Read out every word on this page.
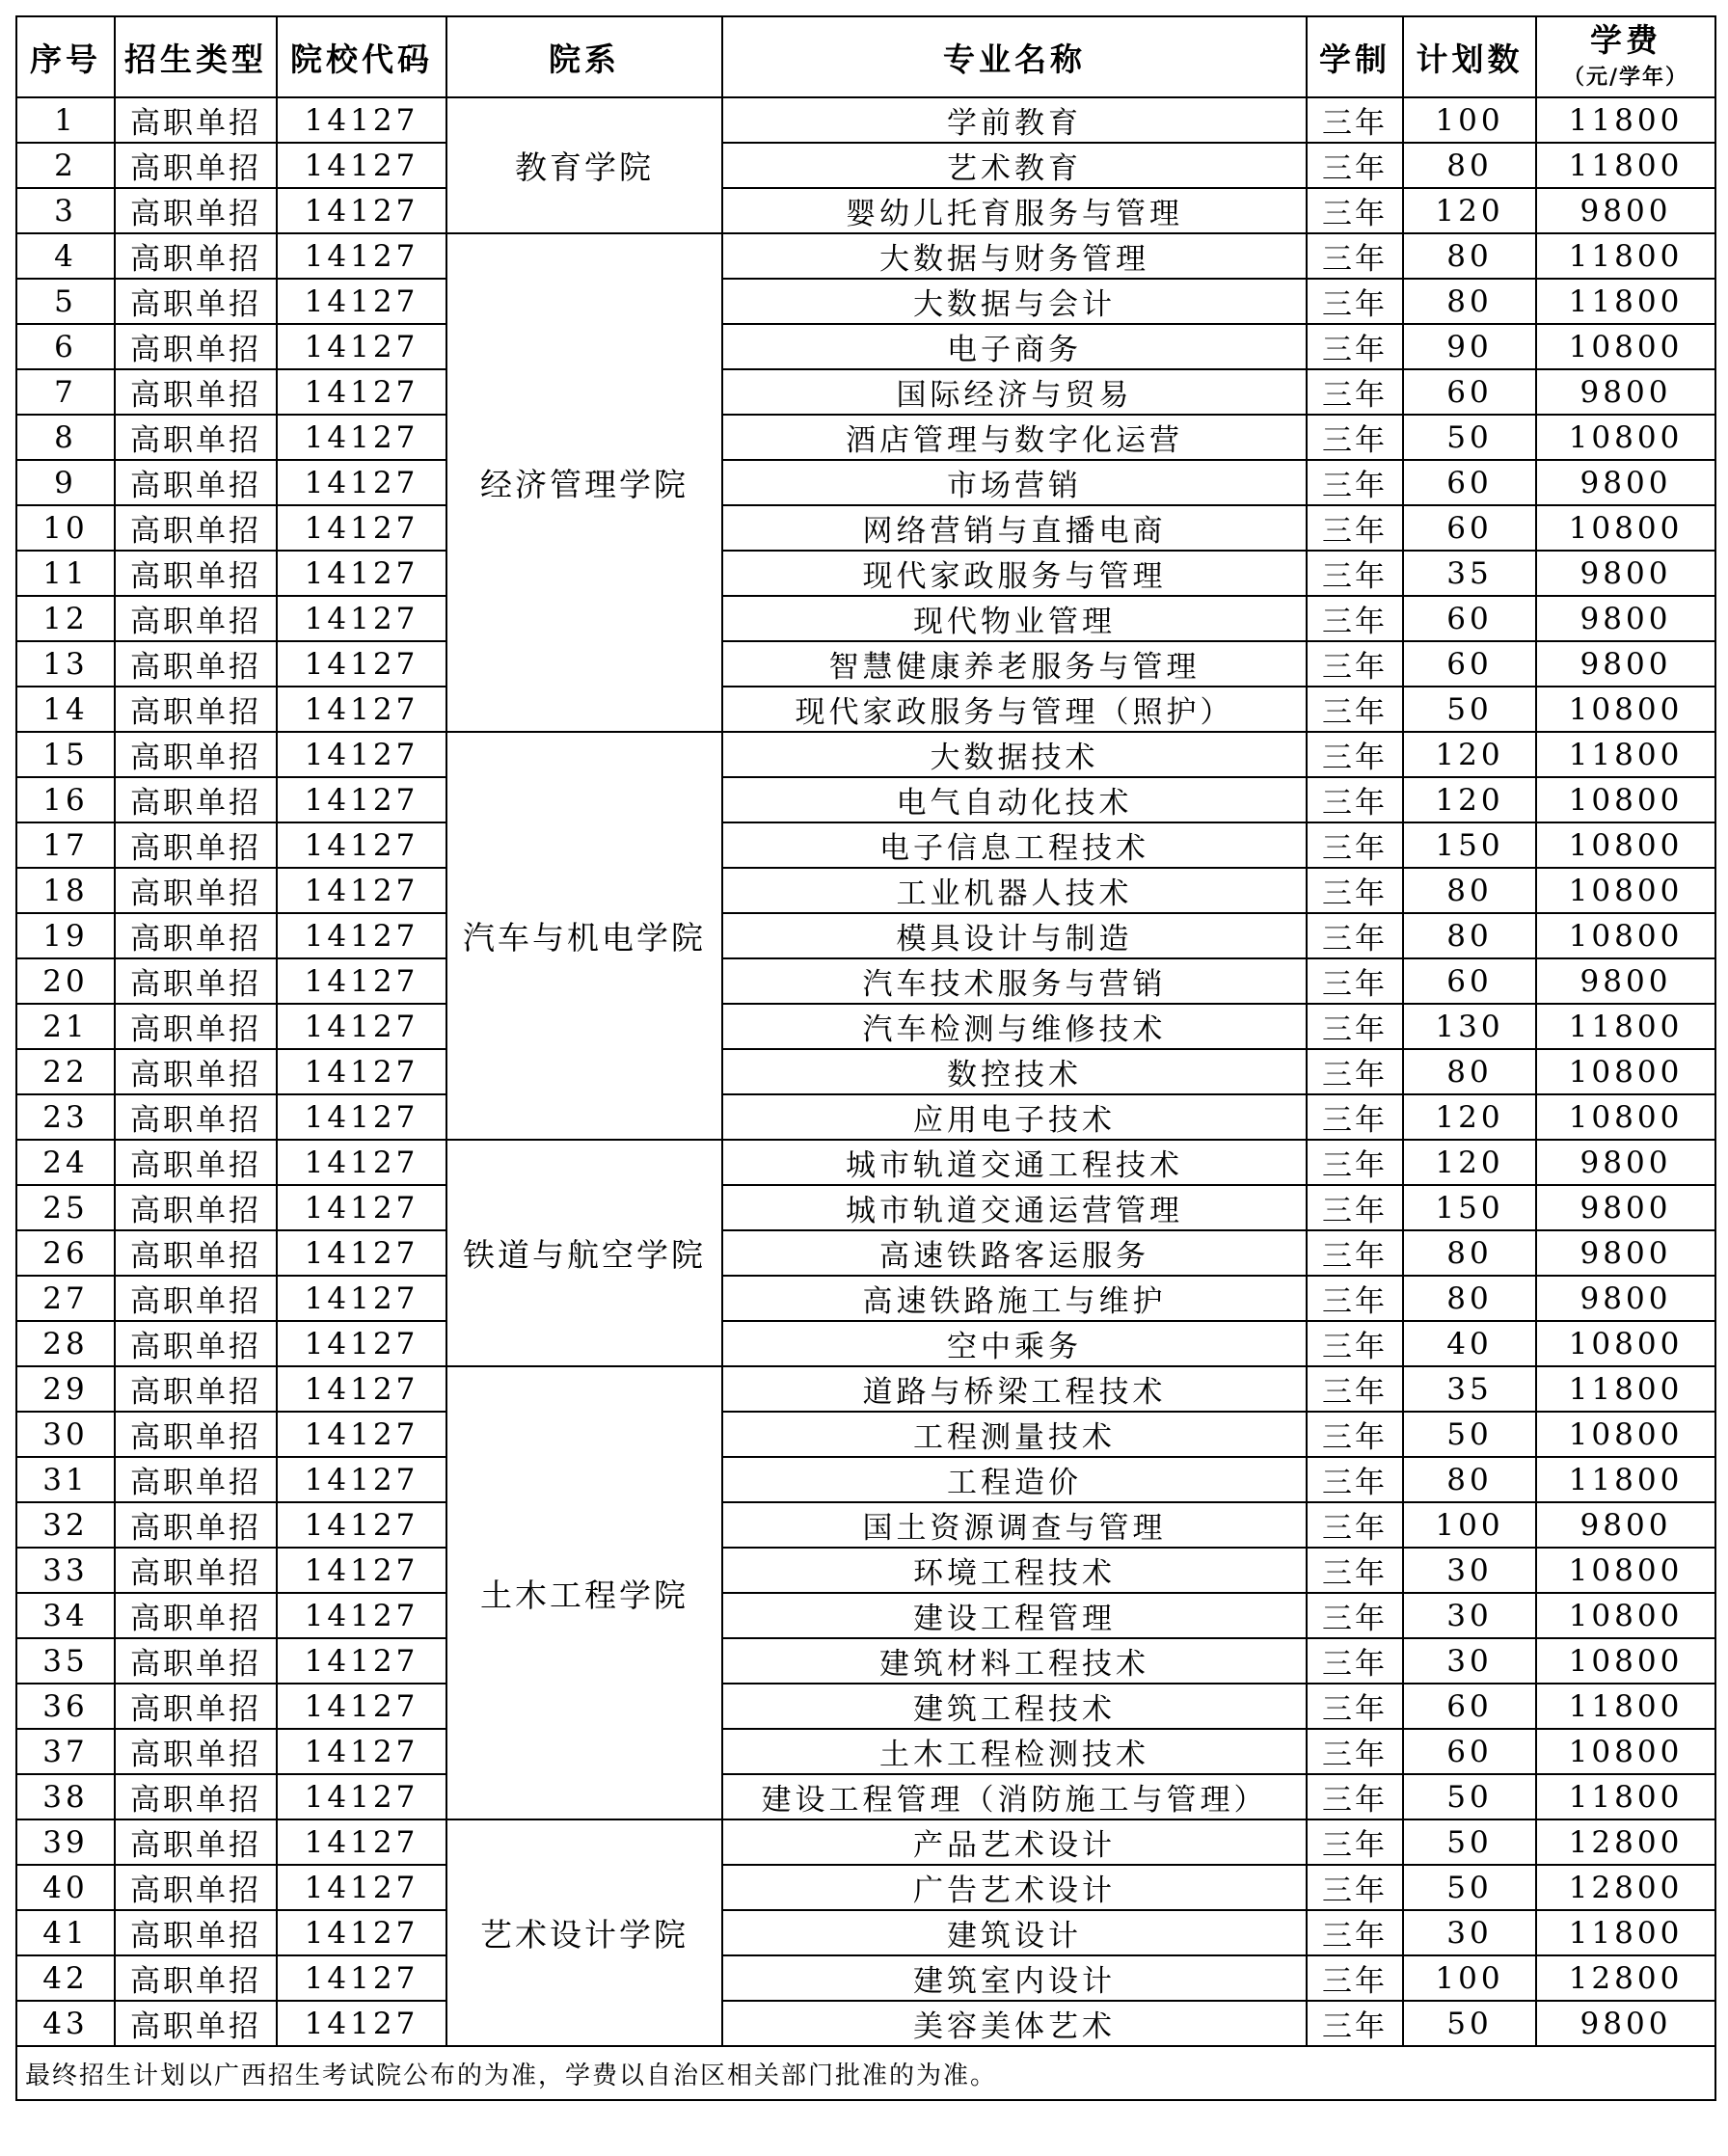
序号	招生类型	院校代码	院系	专业名称	学制	计划数	学费
（元/学年）

1	高职单招	14127	教育学院	学前教育	三年	100	11800
2	高职单招	14127		艺术教育	三年	80	11800
3	高职单招	14127		婴幼儿托育服务与管理	三年	120	9800
4	高职单招	14127	经济管理学院	大数据与财务管理	三年	80	11800
5	高职单招	14127		大数据与会计	三年	80	11800
6	高职单招	14127		电子商务	三年	90	10800
7	高职单招	14127		国际经济与贸易	三年	60	9800
8	高职单招	14127		酒店管理与数字化运营	三年	50	10800
9	高职单招	14127		市场营销	三年	60	9800
10	高职单招	14127		网络营销与直播电商	三年	60	10800
11	高职单招	14127		现代家政服务与管理	三年	35	9800
12	高职单招	14127		现代物业管理	三年	60	9800
13	高职单招	14127		智慧健康养老服务与管理	三年	60	9800
14	高职单招	14127		现代家政服务与管理（照护）	三年	50	10800
15	高职单招	14127	汽车与机电学院	大数据技术	三年	120	11800
16	高职单招	14127		电气自动化技术	三年	120	10800
17	高职单招	14127		电子信息工程技术	三年	150	10800
18	高职单招	14127		工业机器人技术	三年	80	10800
19	高职单招	14127		模具设计与制造	三年	80	10800
20	高职单招	14127		汽车技术服务与营销	三年	60	9800
21	高职单招	14127		汽车检测与维修技术	三年	130	11800
22	高职单招	14127		数控技术	三年	80	10800
23	高职单招	14127		应用电子技术	三年	120	10800
24	高职单招	14127	铁道与航空学院	城市轨道交通工程技术	三年	120	9800
25	高职单招	14127		城市轨道交通运营管理	三年	150	9800
26	高职单招	14127		高速铁路客运服务	三年	80	9800
27	高职单招	14127		高速铁路施工与维护	三年	80	9800
28	高职单招	14127		空中乘务	三年	40	10800
29	高职单招	14127	土木工程学院	道路与桥梁工程技术	三年	35	11800
30	高职单招	14127		工程测量技术	三年	50	10800
31	高职单招	14127		工程造价	三年	80	11800
32	高职单招	14127		国土资源调查与管理	三年	100	9800
33	高职单招	14127		环境工程技术	三年	30	10800
34	高职单招	14127		建设工程管理	三年	30	10800
35	高职单招	14127		建筑材料工程技术	三年	30	10800
36	高职单招	14127		建筑工程技术	三年	60	11800
37	高职单招	14127		土木工程检测技术	三年	60	10800
38	高职单招	14127		建设工程管理（消防施工与管理）	三年	50	11800
39	高职单招	14127	艺术设计学院	产品艺术设计	三年	50	12800
40	高职单招	14127		广告艺术设计	三年	50	12800
41	高职单招	14127		建筑设计	三年	30	11800
42	高职单招	14127		建筑室内设计	三年	100	12800
43	高职单招	14127		美容美体艺术	三年	50	9800
最终招生计划以广西招生考试院公布的为准，学费以自治区相关部门批准的为准。							
